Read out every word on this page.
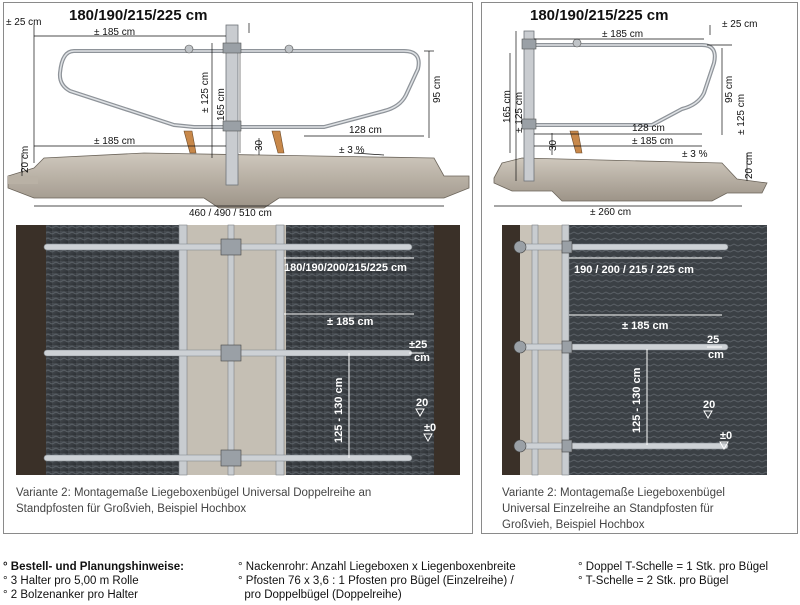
180/190/215/225 cm
± 25 cm
± 185 cm
± 185 cm
165 cm
± 125 cm	95 cm
128 cm
30	± 3 %
20 cm
460 / 490 / 510 cm
180/190/200/215/225 cm
± 185 cm
±25
cm
125 - 130 cm	20
±0
Variante 2: Montagemaße Liegeboxenbügel Universal Doppelreihe an
Standpfosten für Großvieh, Beispiel Hochbox
180/190/215/225 cm
± 25 cm
± 185 cm
165 cm ± 125 cm
95 cm
± 125 cm
128 cm
± 185 cm
30
± 3 %	20 cm
± 260 cm
190 / 200 / 215 / 225 cm
± 185 cm
25
cm
125 - 130 cm	20
±0
Variante 2: Montagemaße Liegeboxenbügel
Universal Einzelreihe an Standpfosten für
Großvieh, Beispiel Hochbox
° Bestell- und Planungshinweise:
° 3 Halter pro 5,00 m Rolle
° 2 Bolzenanker pro Halter
° Nackenrohr: Anzahl Liegeboxen x Liegenboxenbreite
° Pfosten 76 x 3,6 : 1 Pfosten pro Bügel (Einzelreihe) /
pro Doppelbügel (Doppelreihe)
° Doppel T-Schelle = 1 Stk. pro Bügel
° T-Schelle = 2 Stk. pro Bügel
